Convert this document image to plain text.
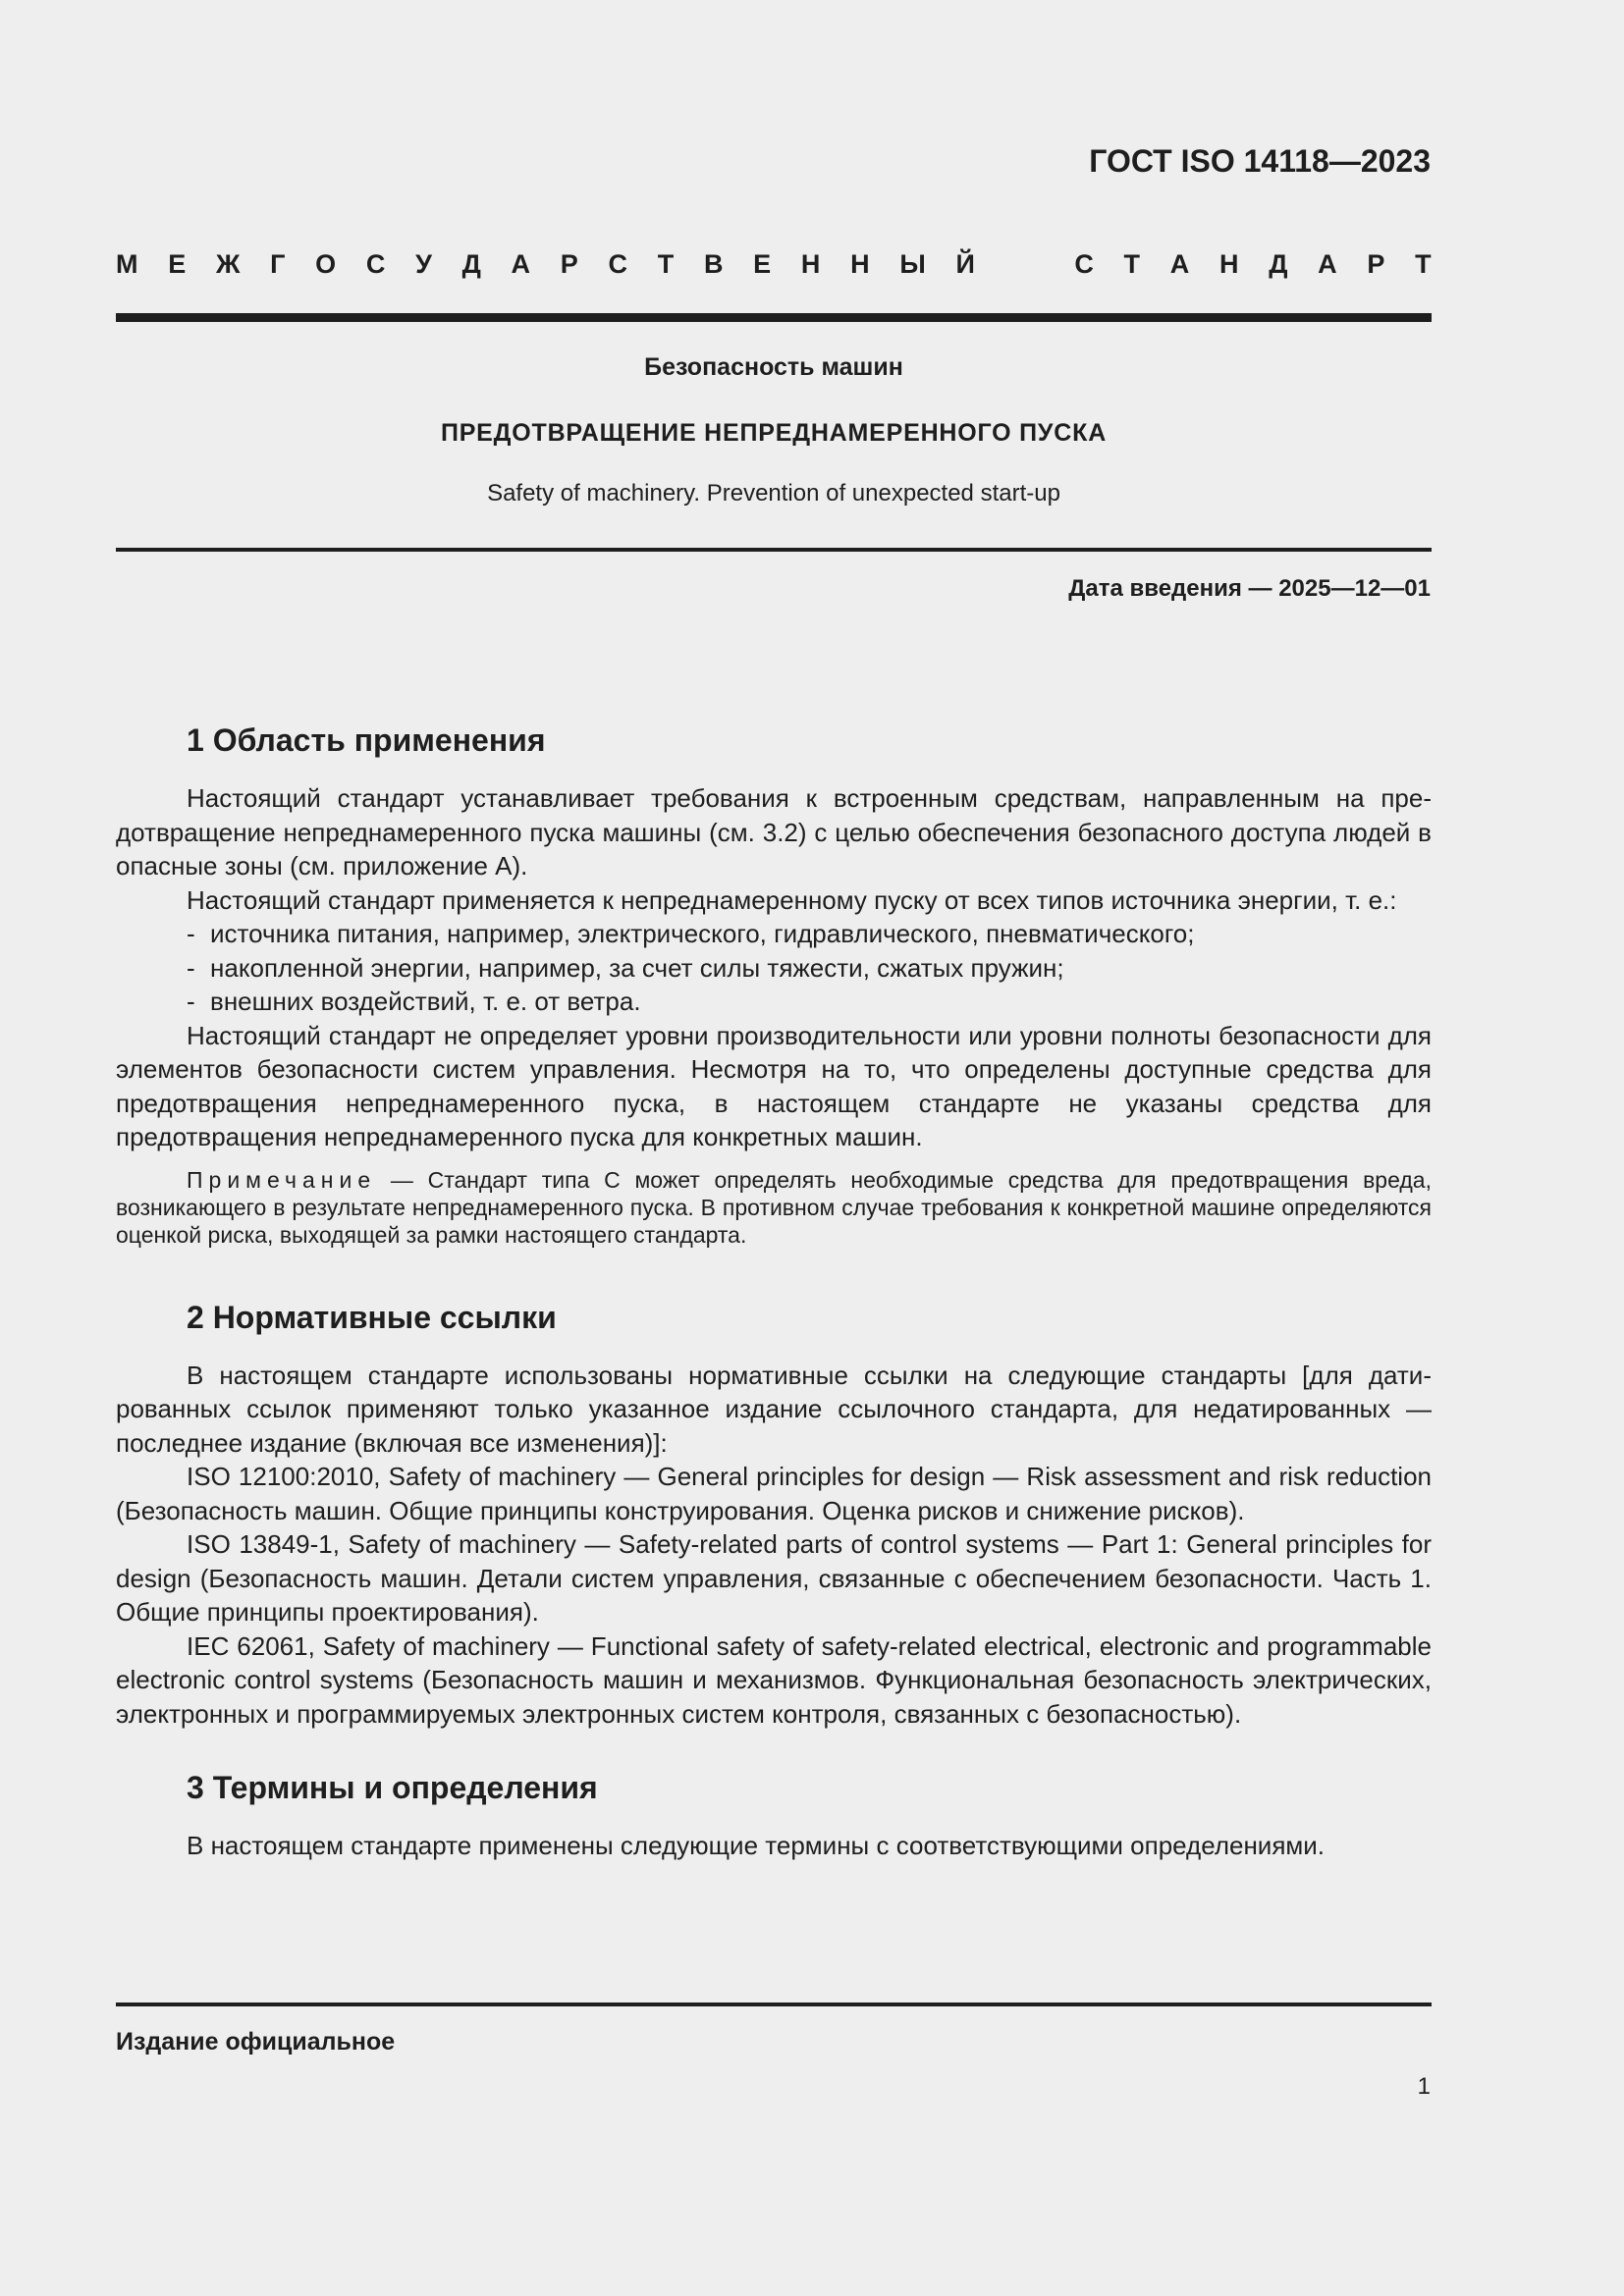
ГОСТ ISO 14118—2023
М Е Ж Г О С У Д А Р С Т В Е Н Н Ы Й	С Т А Н Д А Р Т
Безопасность машин
ПРЕДОТВРАЩЕНИЕ НЕПРЕДНАМЕРЕННОГО ПУСКА
Safety of machinery. Prevention of unexpected start-up
Дата введения — 2025—12—01
1 Область применения

Настоящий стандарт устанавливает требования к встроенным средствам, направленным на предотвращение непреднамеренного пуска машины (см. 3.2) с целью обеспечения безопасного доступа людей в опасные зоны (см. приложение А).

Настоящий стандарт применяется к непреднамеренному пуску от всех типов источника энергии, т. е.:

- источника питания, например, электрического, гидравлического, пневматического;
- накопленной энергии, например, за счет силы тяжести, сжатых пружин;
- внешних воздействий, т. е. от ветра.

Настоящий стандарт не определяет уровни производительности или уровни полноты безопасности для элементов безопасности систем управления. Несмотря на то, что определены доступные средства для предотвращения непреднамеренного пуска, в настоящем стандарте не указаны средства для предотвращения непреднамеренного пуска для конкретных машин.

Примечание — Стандарт типа С может определять необходимые средства для предотвращения вреда, возникающего в результате непреднамеренного пуска. В противном случае требования к конкретной машине определяются оценкой риска, выходящей за рамки настоящего стандарта.
2 Нормативные ссылки

В настоящем стандарте использованы нормативные ссылки на следующие стандарты [для датированных ссылок применяют только указанное издание ссылочного стандарта, для недатированных — последнее издание (включая все изменения)]:

ISO 12100:2010, Safety of machinery — General principles for design — Risk assessment and risk reduction (Безопасность машин. Общие принципы конструирования. Оценка рисков и снижение рисков).

ISO 13849-1, Safety of machinery — Safety-related parts of control systems — Part 1: General principles for design (Безопасность машин. Детали систем управления, связанные с обеспечением безопасности. Часть 1. Общие принципы проектирования).

IEC 62061, Safety of machinery — Functional safety of safety-related electrical, electronic and programmable electronic control systems (Безопасность машин и механизмов. Функциональная безопасность электрических, электронных и программируемых электронных систем контроля, связанных с безопасностью).

3 Термины и определения

В настоящем стандарте применены следующие термины с соответствующими определениями.

Издание официальное
1
